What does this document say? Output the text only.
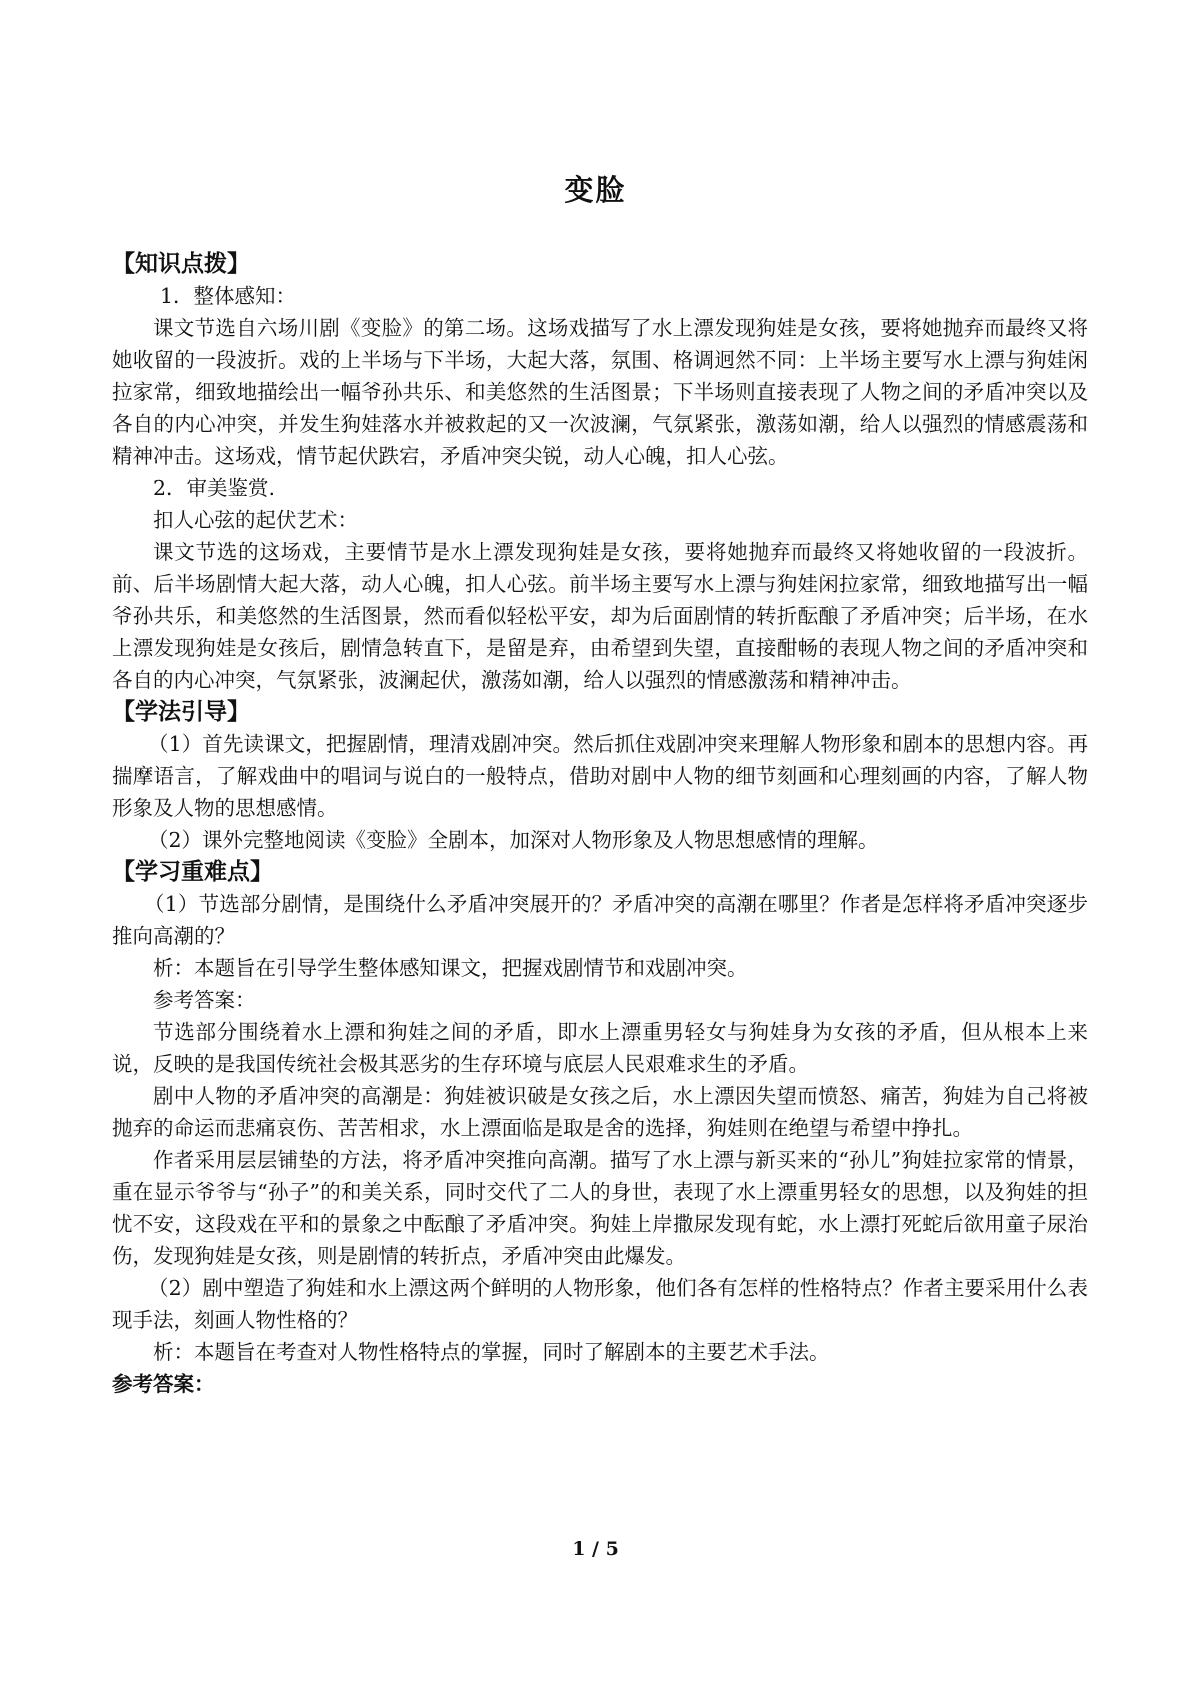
变脸

【知识点拨】

1．整体感知：

课文节选自六场川剧《变脸》的第二场。这场戏描写了水上漂发现狗娃是女孩，要将她抛弃而最终又将她收留的一段波折。戏的上半场与下半场，大起大落，氛围、格调迥然不同：上半场主要写水上漂与狗娃闲拉家常，细致地描绘出一幅爷孙共乐、和美悠然的生活图景；下半场则直接表现了人物之间的矛盾冲突以及各自的内心冲突，并发生狗娃落水并被救起的又一次波澜，气氛紧张，激荡如潮，给人以强烈的情感震荡和精神冲击。这场戏，情节起伏跌宕，矛盾冲突尖锐，动人心魄，扣人心弦。

2．审美鉴赏.

扣人心弦的起伏艺术：

课文节选的这场戏，主要情节是水上漂发现狗娃是女孩，要将她抛弃而最终又将她收留的一段波折。前、后半场剧情大起大落，动人心魄，扣人心弦。前半场主要写水上漂与狗娃闲拉家常，细致地描写出一幅爷孙共乐，和美悠然的生活图景，然而看似轻松平安，却为后面剧情的转折酝酿了矛盾冲突；后半场，在水上漂发现狗娃是女孩后，剧情急转直下，是留是弃，由希望到失望，直接酣畅的表现人物之间的矛盾冲突和各自的内心冲突，气氛紧张，波澜起伏，激荡如潮，给人以强烈的情感激荡和精神冲击。

【学法引导】

（1）首先读课文，把握剧情，理清戏剧冲突。然后抓住戏剧冲突来理解人物形象和剧本的思想内容。再揣摩语言，了解戏曲中的唱词与说白的一般特点，借助对剧中人物的细节刻画和心理刻画的内容，了解人物形象及人物的思想感情。

（2）课外完整地阅读《变脸》全剧本，加深对人物形象及人物思想感情的理解。

【学习重难点】

（1）节选部分剧情，是围绕什么矛盾冲突展开的？矛盾冲突的高潮在哪里？作者是怎样将矛盾冲突逐步推向高潮的？

析：本题旨在引导学生整体感知课文，把握戏剧情节和戏剧冲突。

参考答案：

节选部分围绕着水上漂和狗娃之间的矛盾，即水上漂重男轻女与狗娃身为女孩的矛盾，但从根本上来说，反映的是我国传统社会极其恶劣的生存环境与底层人民艰难求生的矛盾。

剧中人物的矛盾冲突的高潮是：狗娃被识破是女孩之后，水上漂因失望而愤怒、痛苦，狗娃为自己将被抛弃的命运而悲痛哀伤、苦苦相求，水上漂面临是取是舍的选择，狗娃则在绝望与希望中挣扎。

作者采用层层铺垫的方法，将矛盾冲突推向高潮。描写了水上漂与新买来的“孙儿”狗娃拉家常的情景，重在显示爷爷与“孙子”的和美关系，同时交代了二人的身世，表现了水上漂重男轻女的思想，以及狗娃的担忧不安，这段戏在平和的景象之中酝酿了矛盾冲突。狗娃上岸撒尿发现有蛇，水上漂打死蛇后欲用童子尿治伤，发现狗娃是女孩，则是剧情的转折点，矛盾冲突由此爆发。

（2）剧中塑造了狗娃和水上漂这两个鲜明的人物形象，他们各有怎样的性格特点？作者主要采用什么表现手法，刻画人物性格的？

析：本题旨在考查对人物性格特点的掌握，同时了解剧本的主要艺术手法。

参考答案：

1 / 5
